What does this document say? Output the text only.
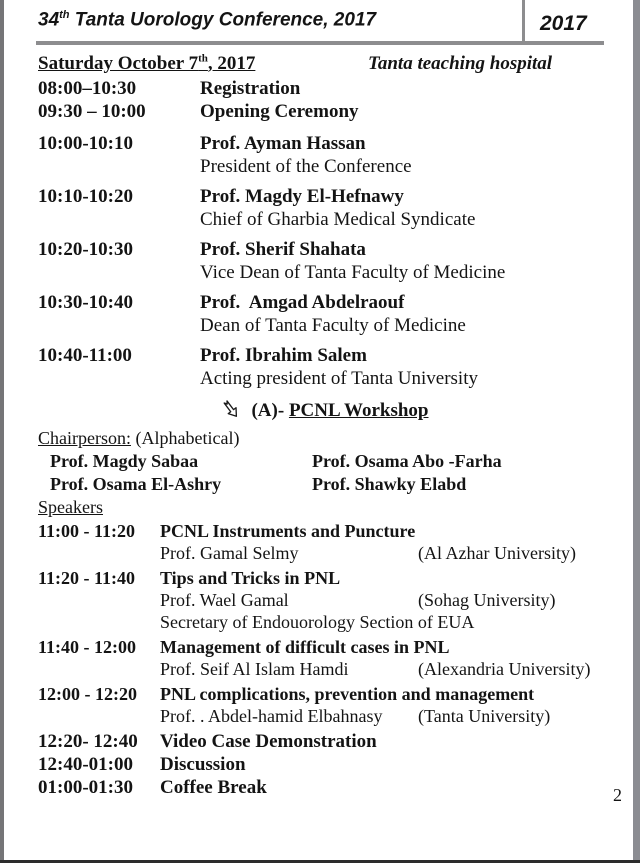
34th Tanta Uorology Conference, 2017	2017
Saturday October 7th, 2017	Tanta teaching hospital
08:00–10:30	Registration
09:30 – 10:00	Opening Ceremony
10:00-10:10	Prof. Ayman Hassan
President of the Conference
10:10-10:20	Prof. Magdy El-Hefnawy
Chief of Gharbia Medical Syndicate
10:20-10:30	Prof. Sherif Shahata
Vice Dean of Tanta Faculty of Medicine
10:30-10:40	Prof.  Amgad Abdelraouf
Dean of Tanta Faculty of Medicine
10:40-11:00	Prof. Ibrahim Salem
Acting president of Tanta University
(A)- PCNL Workshop
Chairperson: (Alphabetical)
Prof. Magdy Sabaa	Prof. Osama Abo -Farha
Prof. Osama El-Ashry	Prof. Shawky Elabd
Speakers
11:00 - 11:20	PCNL Instruments and Puncture
Prof. Gamal Selmy	(Al Azhar University)
11:20 - 11:40	Tips and Tricks in PNL
Prof. Wael Gamal	(Sohag University)
Secretary of Endouorology Section of EUA
11:40 - 12:00	Management of difficult cases in PNL
Prof. Seif Al Islam Hamdi	(Alexandria University)
12:00 - 12:20	PNL complications, prevention and management
Prof. . Abdel-hamid Elbahnasy (Tanta University)
12:20- 12:40	Video Case Demonstration
12:40-01:00	Discussion
01:00-01:30	Coffee Break	2
